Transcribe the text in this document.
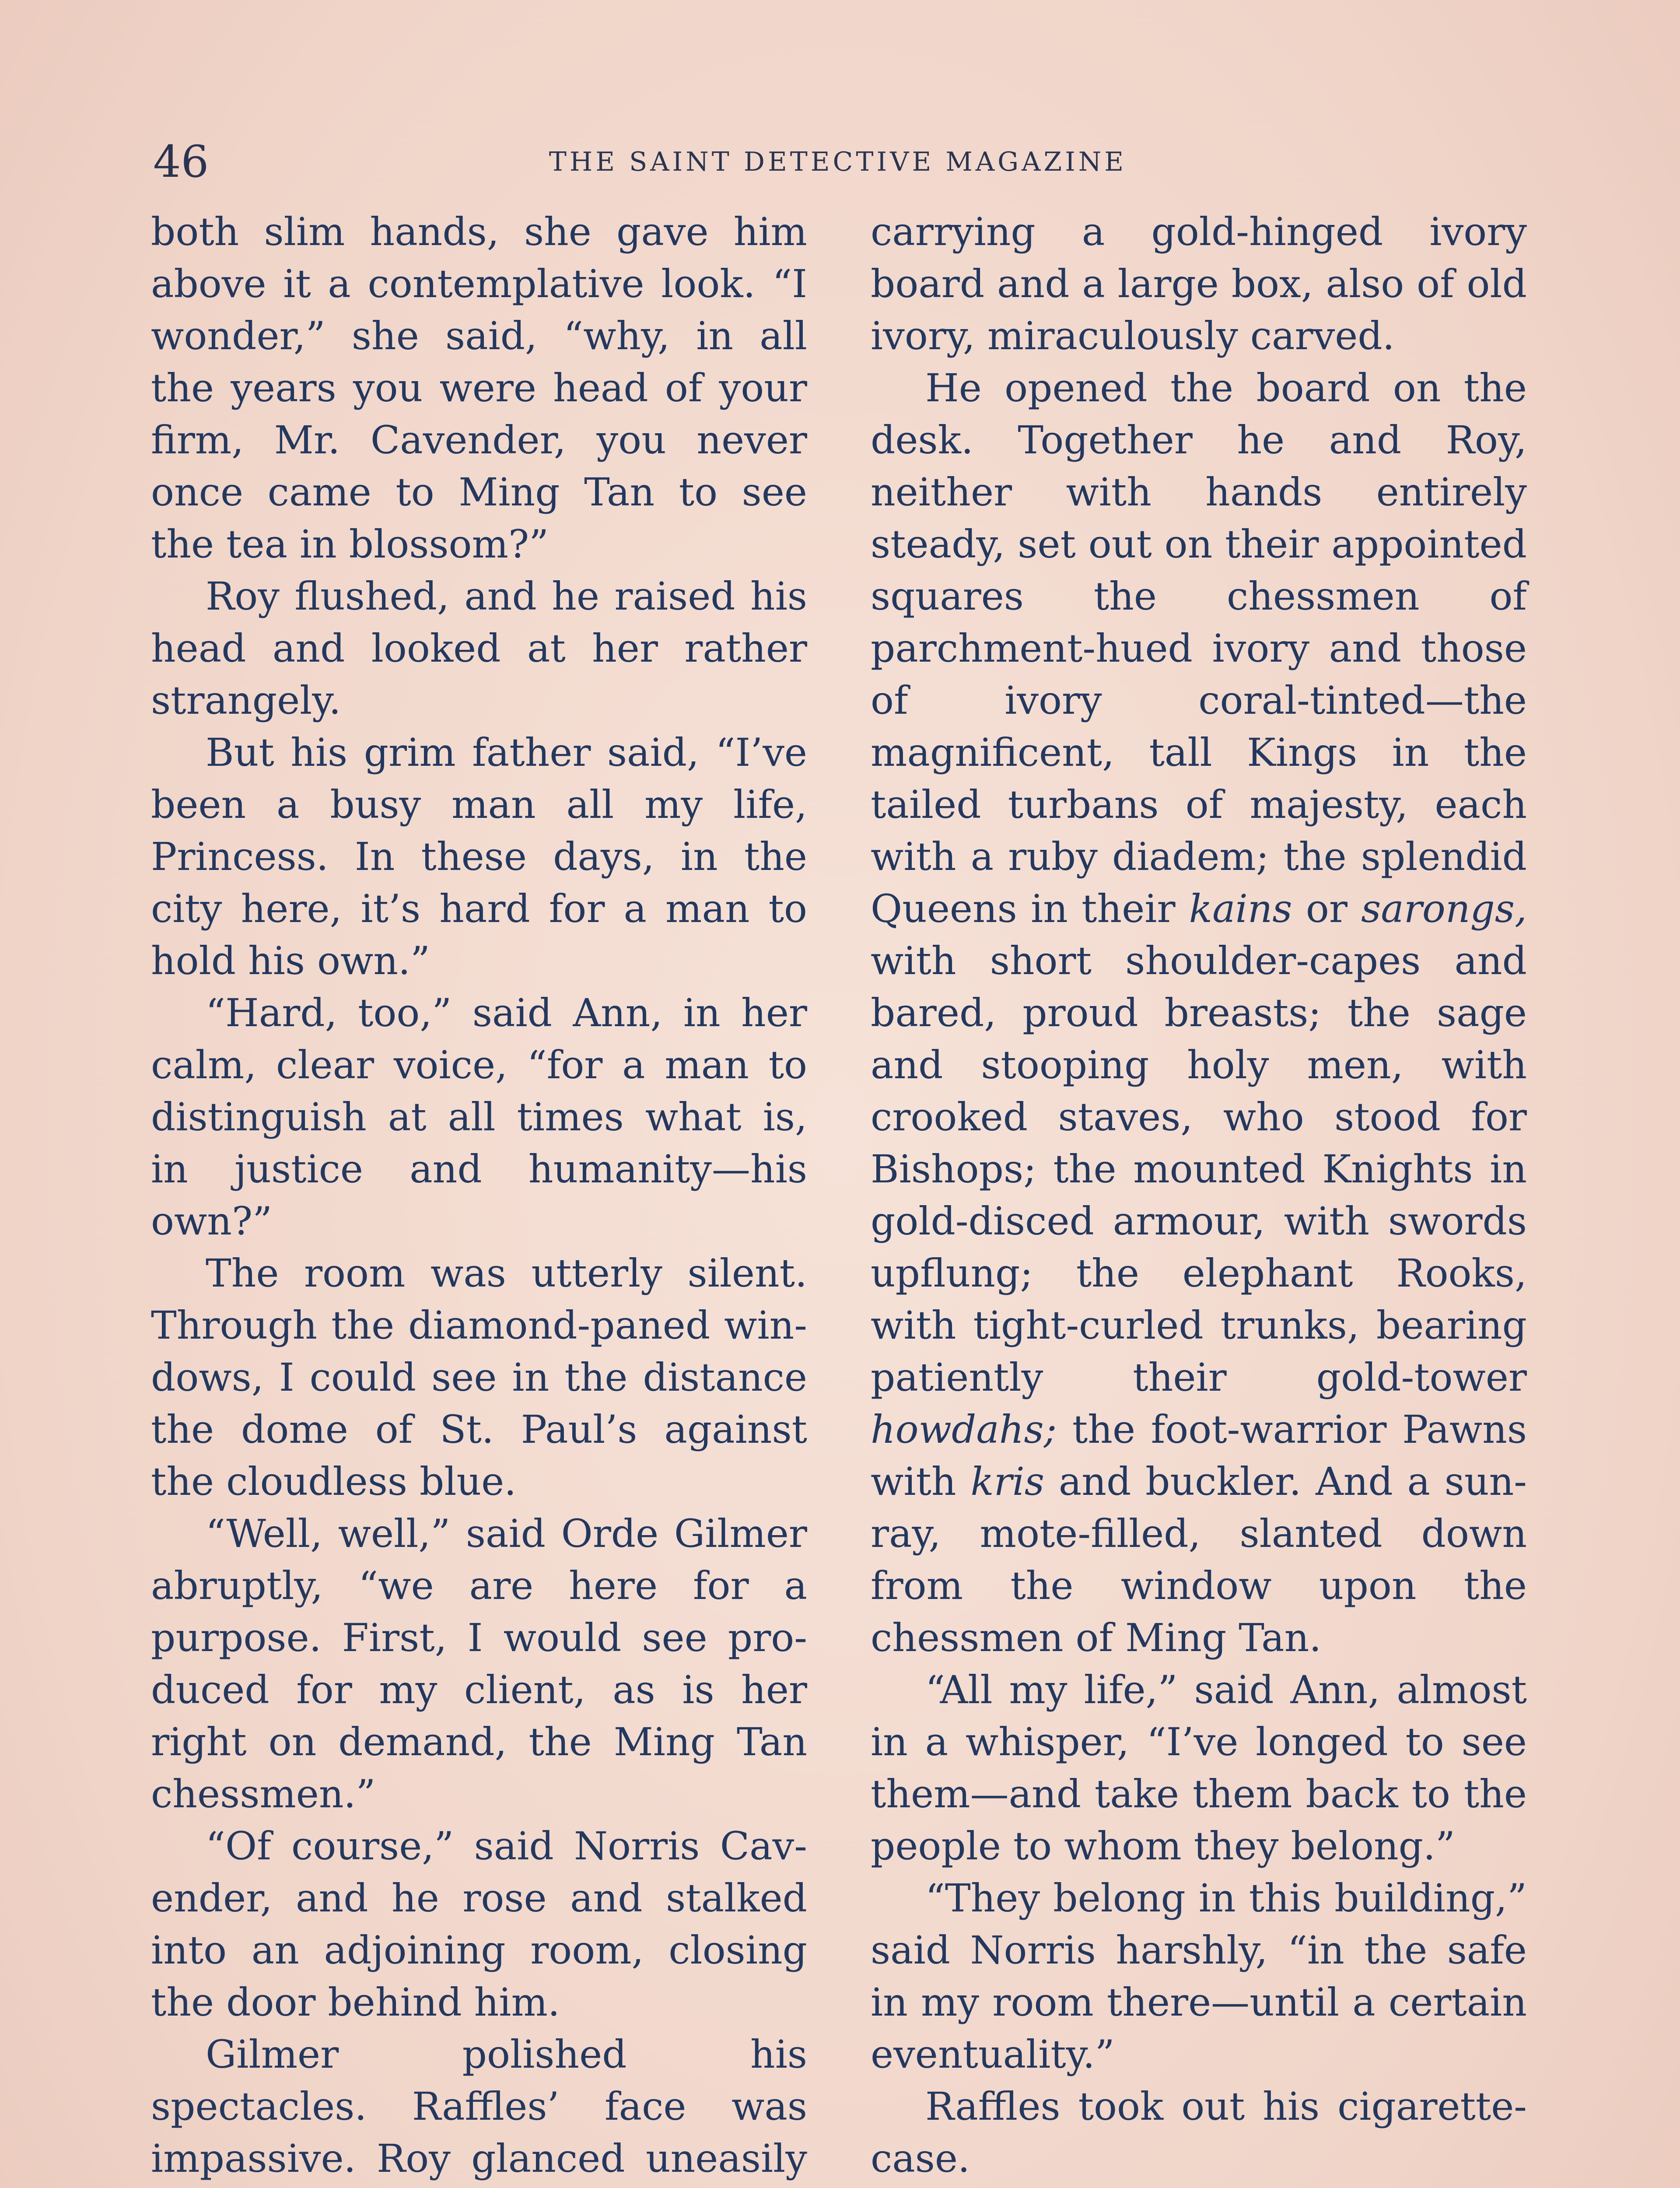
46	THE SAINT DETECTIVE MAGAZINE

both slim hands, she gave him above it a contemplative look. “I wonder,” she said, “why, in all the years you were head of your firm, Mr. Cavender, you never once came to Ming Tan to see the tea in blossom?”

Roy flushed, and he raised his head and looked at her rather strangely.

But his grim father said, “I’ve been a busy man all my life, Princess. In these days, in the city here, it’s hard for a man to hold his own.”

“Hard, too,” said Ann, in her calm, clear voice, “for a man to distinguish at all times what is, in justice and humanity—his own?”

The room was utterly silent. Through the diamond-paned windows, I could see in the distance the dome of St. Paul’s against the cloudless blue.

“Well, well,” said Orde Gilmer abruptly, “we are here for a purpose. First, I would see produced for my client, as is her right on demand, the Ming Tan chessmen.”

“Of course,” said Norris Cavender, and he rose and stalked into an adjoining room, closing the door behind him.

Gilmer polished his spectacles. Raffles’ face was impassive. Roy glanced uneasily

carrying a gold-hinged ivory board and a large box, also of old ivory, miraculously carved.

He opened the board on the desk. Together he and Roy, neither with hands entirely steady, set out on their appointed squares the chessmen of parchment-hued ivory and those of ivory coral-tinted—the magnificent, tall Kings in the tailed turbans of majesty, each with a ruby diadem; the splendid Queens in their kains or sarongs, with short shoulder-capes and bared, proud breasts; the sage and stooping holy men, with crooked staves, who stood for Bishops; the mounted Knights in gold-disced armour, with swords upflung; the elephant Rooks, with tight-curled trunks, bearing patiently their gold-tower howdahs; the foot-warrior Pawns with kris and buckler. And a sun-ray, mote-filled, slanted down from the window upon the chessmen of Ming Tan.

“All my life,” said Ann, almost in a whisper, “I’ve longed to see them—and take them back to the people to whom they belong.”

“They belong in this building,” said Norris harshly, “in the safe in my room there—until a certain eventuality.”

Raffles took out his cigarette-case.
